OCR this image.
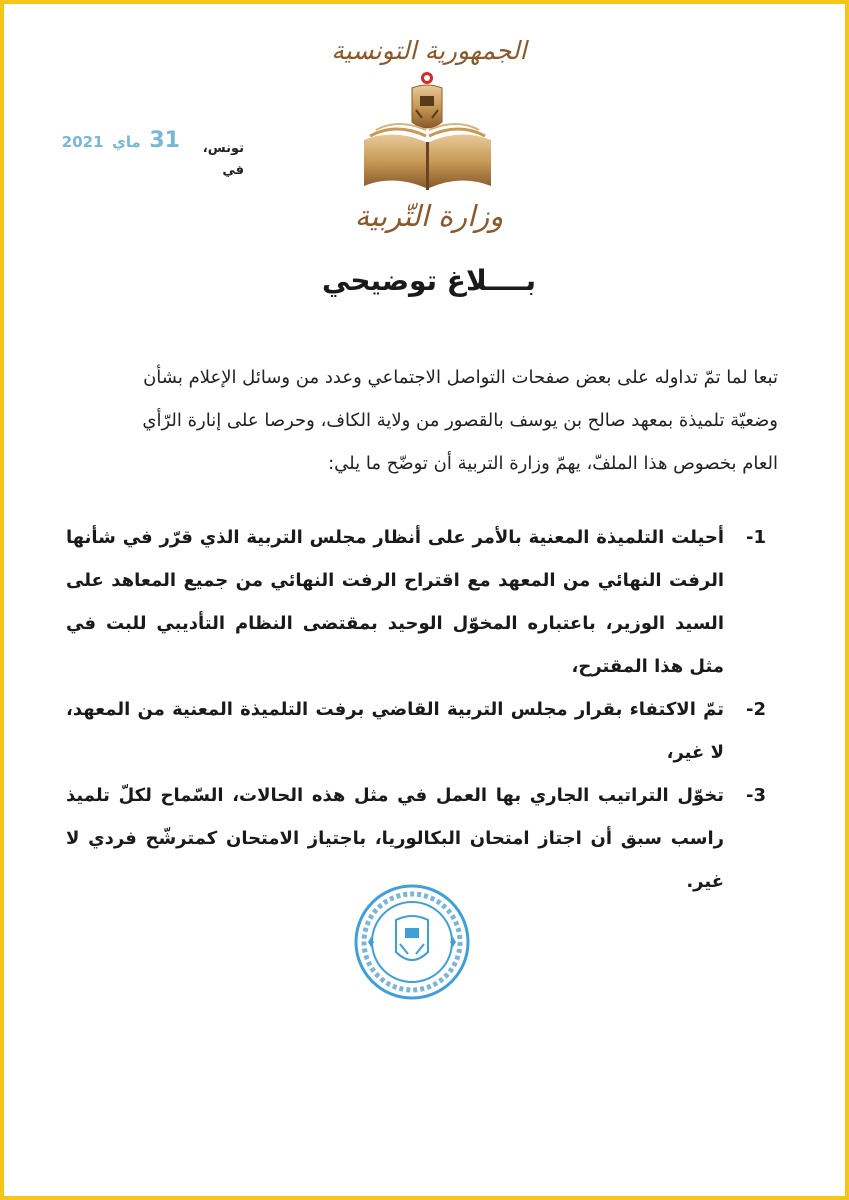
الجمهورية التونسية
وزارة التّربية
تونس، في
31 ماي 2021
بــــلاغ توضيحي

تبعا لما تمّ تداوله على بعض صفحات التواصل الاجتماعي وعدد من وسائل الإعلام بشأن

وضعيّة تلميذة بمعهد صالح بن يوسف بالقصور من ولاية الكاف، وحرصا على إنارة الرّأي

العام بخصوص هذا الملفّ، يهمّ وزارة التربية أن توضّح ما يلي:

1-
أحيلت التلميذة المعنية بالأمر على أنظار مجلس التربية الذي قرّر في شأنها الرفت النهائي من المعهد مع اقتراح الرفت النهائي من جميع المعاهد على السيد الوزير، باعتباره المخوّل الوحيد بمقتضى النظام التأديبي للبت في مثل هذا المقترح،
2-
تمّ الاكتفاء بقرار مجلس التربية القاضي برفت التلميذة المعنية من المعهد، لا غير،
3-
تخوّل التراتيب الجاري بها العمل في مثل هذه الحالات، السّماح لكلّ تلميذ راسب سبق أن اجتاز امتحان البكالوريا، باجتياز الامتحان كمترشّح فردي لا غير.
